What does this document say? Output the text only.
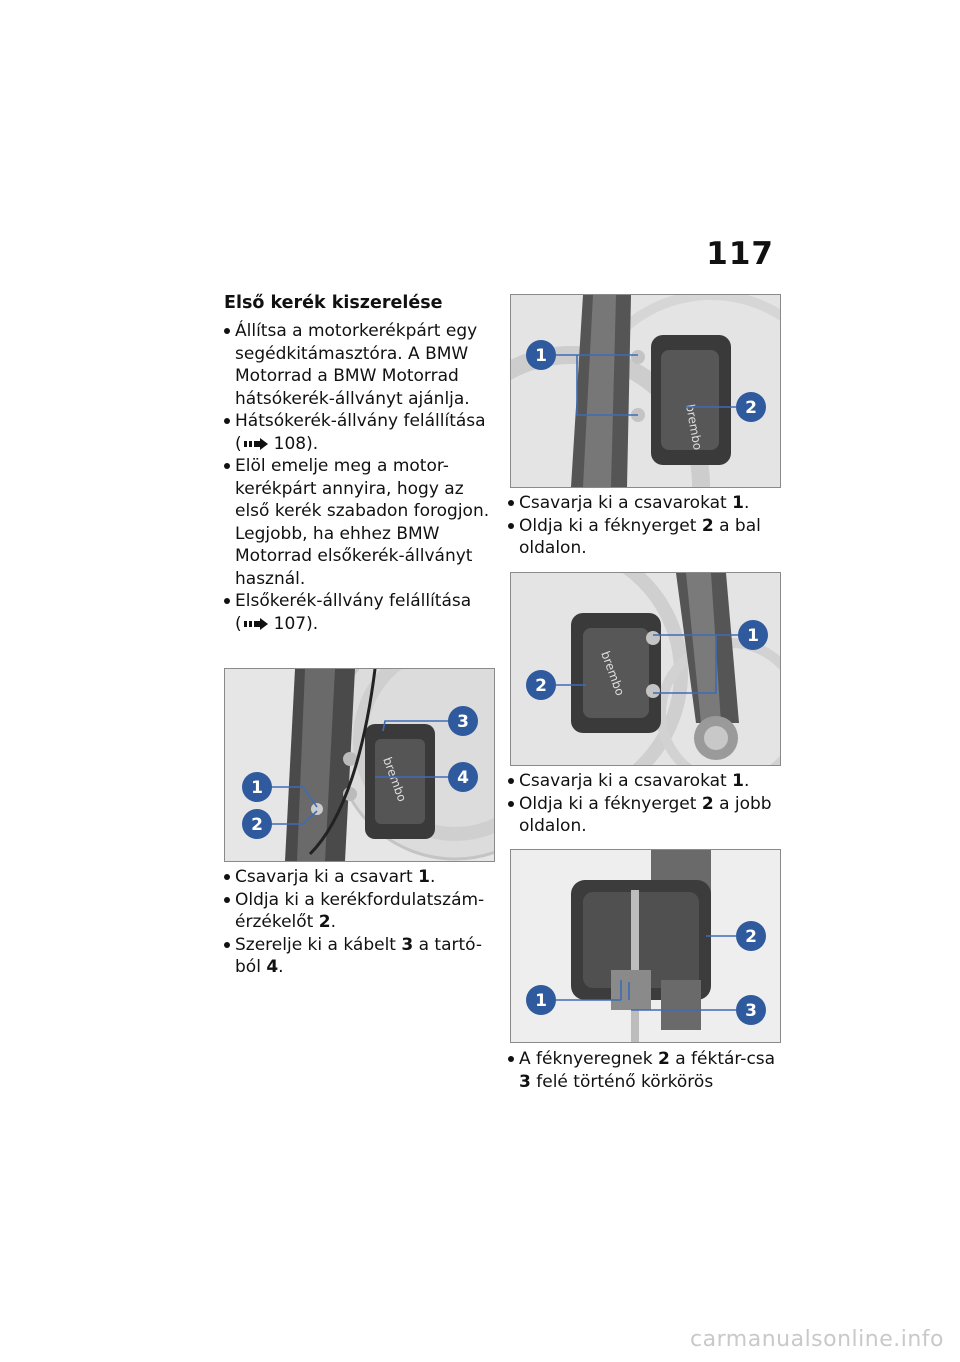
117
Első kerék kiszerelése
Állítsa a motorkerékpárt egy segédkitámasztóra. A BMW Motorrad a BMW Motorrad hátsókerék-állványt ajánlja.
Hátsókerék-állvány felállítása
( 108).
Elöl emelje meg a motor-kerékpárt annyira, hogy az első kerék szabadon forogjon. Legjobb, ha ehhez BMW Motorrad elsőkerék-állványt használ.
Elsőkerék-állvány felállítása
( 107).
brembo
1
2
3
4
Csavarja ki a csavart 1.
Oldja ki a kerékfordulatszám-érzékelőt 2.
Szerelje ki a kábelt 3 a tartó-ból 4.
brembo
1
2
Csavarja ki a csavarokat 1.
Oldja ki a féknyerget 2 a bal oldalon.
brembo
1
2
Csavarja ki a csavarokat 1.
Oldja ki a féknyerget 2 a jobb oldalon.
1
2
3
A féknyeregnek 2 a féktár-csa 3 felé történő körkörös
carmanualsonline.info
